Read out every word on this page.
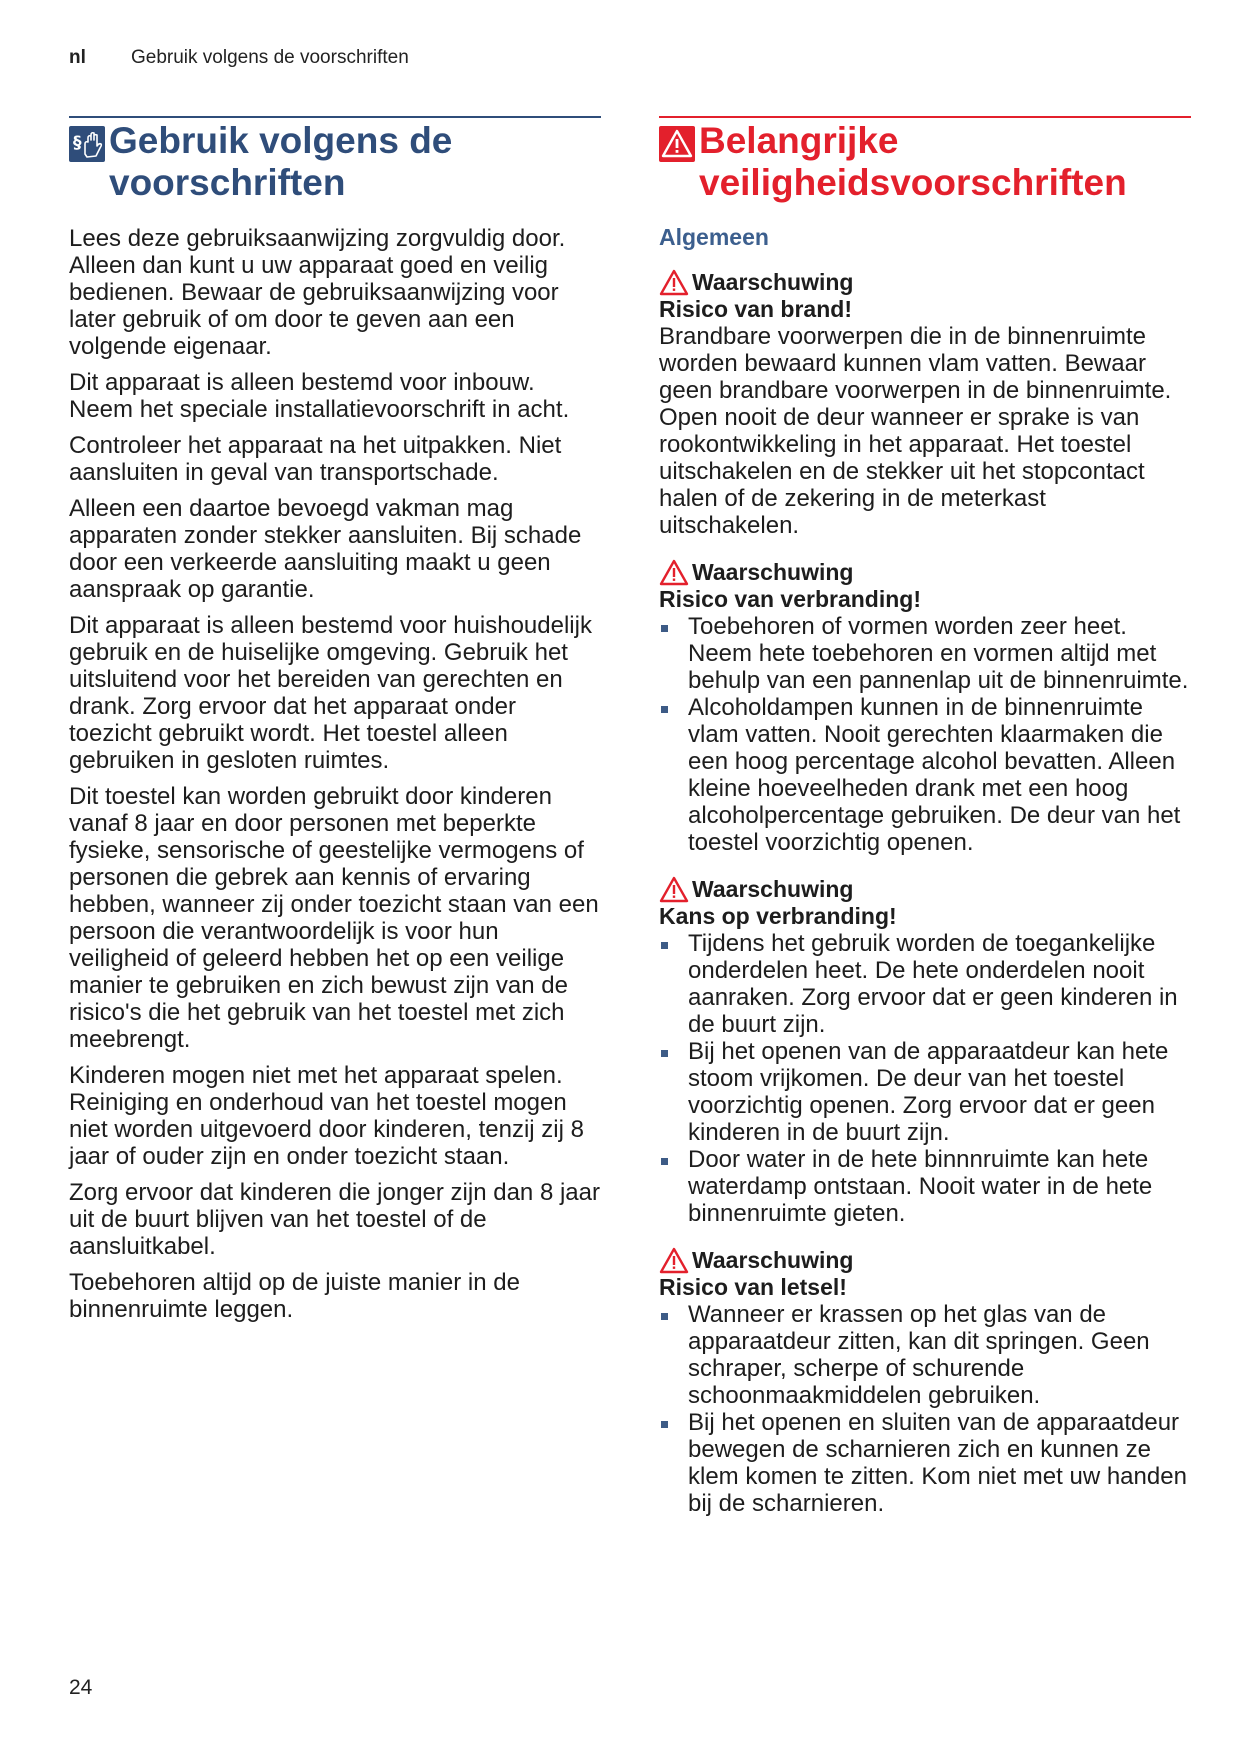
nl Gebruik volgens de voorschriften
§ Gebruik volgens de
voorschriften

Lees deze gebruiksaanwijzing zorgvuldig door. Alleen dan kunt u uw apparaat goed en veilig bedienen. Bewaar de gebruiksaanwijzing voor later gebruik of om door te geven aan een volgende eigenaar.

Dit apparaat is alleen bestemd voor inbouw. Neem het speciale installatievoorschrift in acht.

Controleer het apparaat na het uitpakken. Niet aansluiten in geval van transportschade.

Alleen een daartoe bevoegd vakman mag apparaten zonder stekker aansluiten. Bij schade door een verkeerde aansluiting maakt u geen aanspraak op garantie.

Dit apparaat is alleen bestemd voor huishoudelijk gebruik en de huiselijke omgeving. Gebruik het uitsluitend voor het bereiden van gerechten en drank. Zorg ervoor dat het apparaat onder toezicht gebruikt wordt. Het toestel alleen gebruiken in gesloten ruimtes.

Dit toestel kan worden gebruikt door kinderen vanaf 8 jaar en door personen met beperkte fysieke, sensorische of geestelijke vermogens of personen die gebrek aan kennis of ervaring hebben, wanneer zij onder toezicht staan van een persoon die verantwoordelijk is voor hun veiligheid of geleerd hebben het op een veilige manier te gebruiken en zich bewust zijn van de risico's die het gebruik van het toestel met zich meebrengt.

Kinderen mogen niet met het apparaat spelen. Reiniging en onderhoud van het toestel mogen niet worden uitgevoerd door kinderen, tenzij zij 8 jaar of ouder zijn en onder toezicht staan.

Zorg ervoor dat kinderen die jonger zijn dan 8 jaar uit de buurt blijven van het toestel of de aansluitkabel.

Toebehoren altijd op de juiste manier in de binnenruimte leggen.

Belangrijke
veiligheidsvoorschriften
Algemeen
Waarschuwing
Risico van brand!
Brandbare voorwerpen die in de binnenruimte worden bewaard kunnen vlam vatten. Bewaar geen brandbare voorwerpen in de binnenruimte. Open nooit de deur wanneer er sprake is van rookontwikkeling in het apparaat. Het toestel uitschakelen en de stekker uit het stopcontact halen of de zekering in de meterkast uitschakelen.
Waarschuwing
Risico van verbranding!
Toebehoren of vormen worden zeer heet. Neem hete toebehoren en vormen altijd met behulp van een pannenlap uit de binnenruimte.
Alcoholdampen kunnen in de binnenruimte vlam vatten. Nooit gerechten klaarmaken die een hoog percentage alcohol bevatten. Alleen kleine hoeveelheden drank met een hoog alcoholpercentage gebruiken. De deur van het toestel voorzichtig openen.
Waarschuwing
Kans op verbranding!
Tijdens het gebruik worden de toegankelijke onderdelen heet. De hete onderdelen nooit aanraken. Zorg ervoor dat er geen kinderen in de buurt zijn.
Bij het openen van de apparaatdeur kan hete stoom vrijkomen. De deur van het toestel voorzichtig openen. Zorg ervoor dat er geen kinderen in de buurt zijn.
Door water in de hete binnnruimte kan hete waterdamp ontstaan. Nooit water in de hete binnenruimte gieten.
Waarschuwing
Risico van letsel!
Wanneer er krassen op het glas van de apparaatdeur zitten, kan dit springen. Geen schraper, scherpe of schurende schoonmaakmiddelen gebruiken.
Bij het openen en sluiten van de apparaatdeur bewegen de scharnieren zich en kunnen ze klem komen te zitten. Kom niet met uw handen bij de scharnieren.
24
